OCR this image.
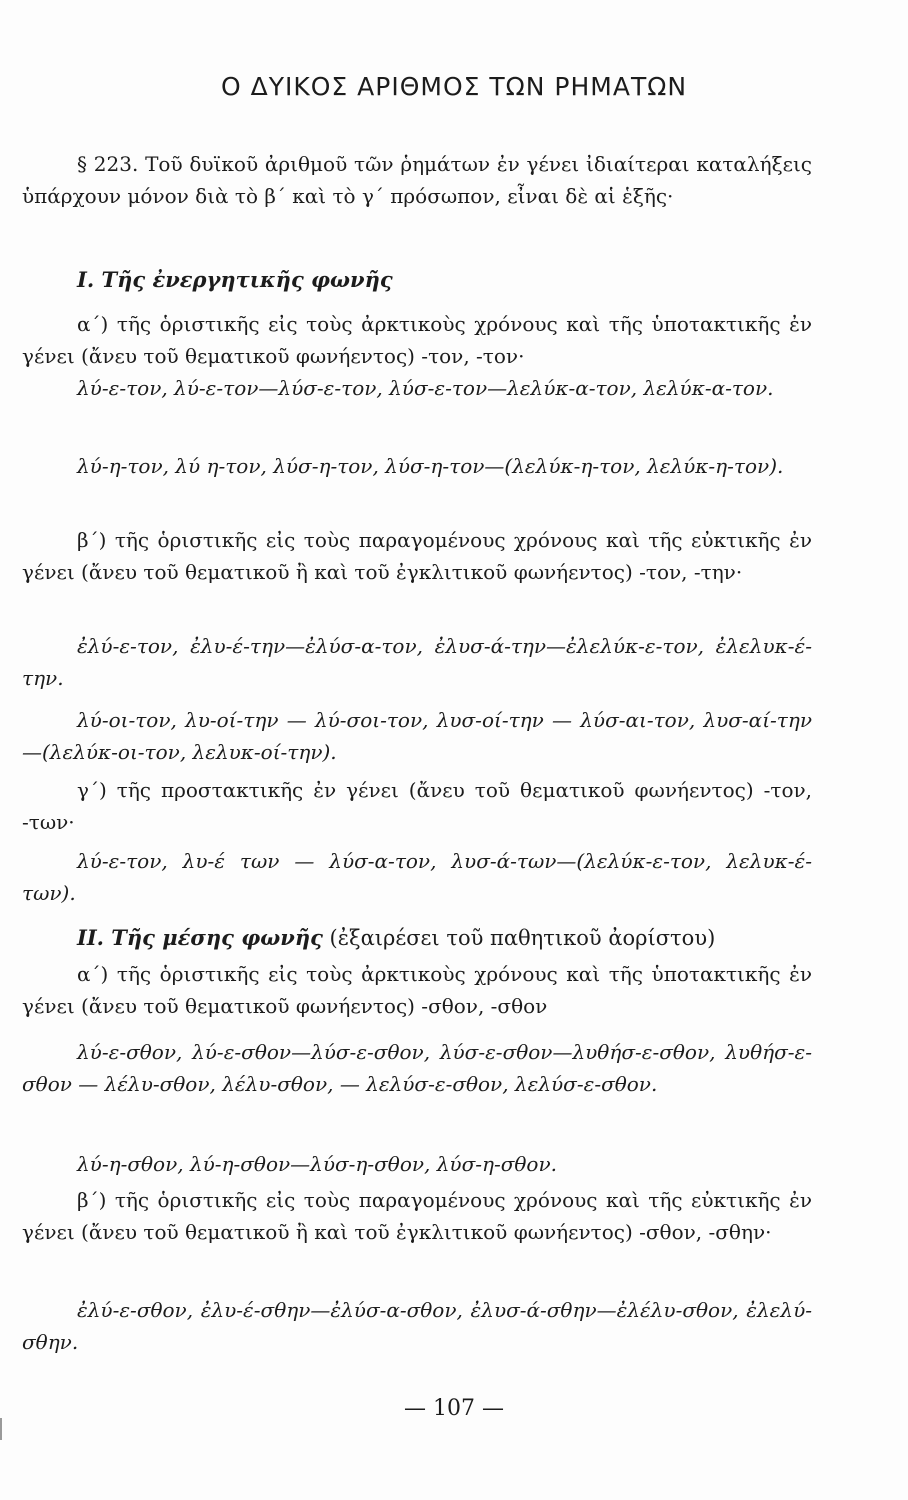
Ο ΔΥΙΚΟΣ ΑΡΙΘΜΟΣ ΤΩΝ ΡΗΜΑΤΩΝ

§ 223. Τοῦ δυϊκοῦ ἀριθμοῦ τῶν ῥημάτων ἐν γένει ἰδιαίτεραι καταλήξεις ὑπάρχουν μόνον διὰ τὸ β΄ καὶ τὸ γ΄ πρόσωπον, εἶναι δὲ αἱ ἑξῆς·

I. Τῆς ἐνεργητικῆς φωνῆς

α΄) τῆς ὁριστικῆς εἰς τοὺς ἀρκτικοὺς χρόνους καὶ τῆς ὑποτακτικῆς ἐν γένει (ἄνευ τοῦ θεματικοῦ φωνήεντος) -τον, -τον·

λύ-ε-τον, λύ-ε-τον—λύσ-ε-τον, λύσ-ε-τον—λελύκ-α-τον, λελύκ-α-τον.

λύ-η-τον, λύ η-τον, λύσ-η-τον, λύσ-η-τον—(λελύκ-η-τον, λελύκ-η-τον).

β΄) τῆς ὁριστικῆς εἰς τοὺς παραγομένους χρόνους καὶ τῆς εὐκτικῆς ἐν γένει (ἄνευ τοῦ θεματικοῦ ἢ καὶ τοῦ ἐγκλιτικοῦ φωνήεντος) -τον, -την·

ἐλύ-ε-τον, ἐλυ-έ-την—ἐλύσ-α-τον, ἐλυσ-ά-την—ἐλελύκ-ε-τον, ἐλελυκ-έ-την.

λύ-οι-τον, λυ-οί-την — λύ-σοι-τον, λυσ-οί-την — λύσ-αι-τον, λυσ-αί-την—(λελύκ-οι-τον, λελυκ-οί-την).

γ΄) τῆς προστακτικῆς ἐν γένει (ἄνευ τοῦ θεματικοῦ φωνήεντος) -τον, -των·

λύ-ε-τον, λυ-έ των — λύσ-α-τον, λυσ-ά-των—(λελύκ-ε-τον, λελυκ-έ-των).

II. Τῆς μέσης φωνῆς (ἐξαιρέσει τοῦ παθητικοῦ ἀορίστου)

α΄) τῆς ὁριστικῆς εἰς τοὺς ἀρκτικοὺς χρόνους καὶ τῆς ὑποτακτικῆς ἐν γένει (ἄνευ τοῦ θεματικοῦ φωνήεντος) -σθον, -σθον

λύ-ε-σθον, λύ-ε-σθον—λύσ-ε-σθον, λύσ-ε-σθον—λυθήσ-ε-σθον, λυθήσ-ε-σθον — λέλυ-σθον, λέλυ-σθον, — λελύσ-ε-σθον, λελύσ-ε-σθον.

λύ-η-σθον, λύ-η-σθον—λύσ-η-σθον, λύσ-η-σθον.

β΄) τῆς ὁριστικῆς εἰς τοὺς παραγομένους χρόνους καὶ τῆς εὐκτικῆς ἐν γένει (ἄνευ τοῦ θεματικοῦ ἢ καὶ τοῦ ἐγκλιτικοῦ φωνήεντος) -σθον, -σθην·

ἐλύ-ε-σθον, ἐλυ-έ-σθην—ἐλύσ-α-σθον, ἐλυσ-ά-σθην—ἐλέλυ-σθον, ἐλελύ-σθην.

— 107 —
